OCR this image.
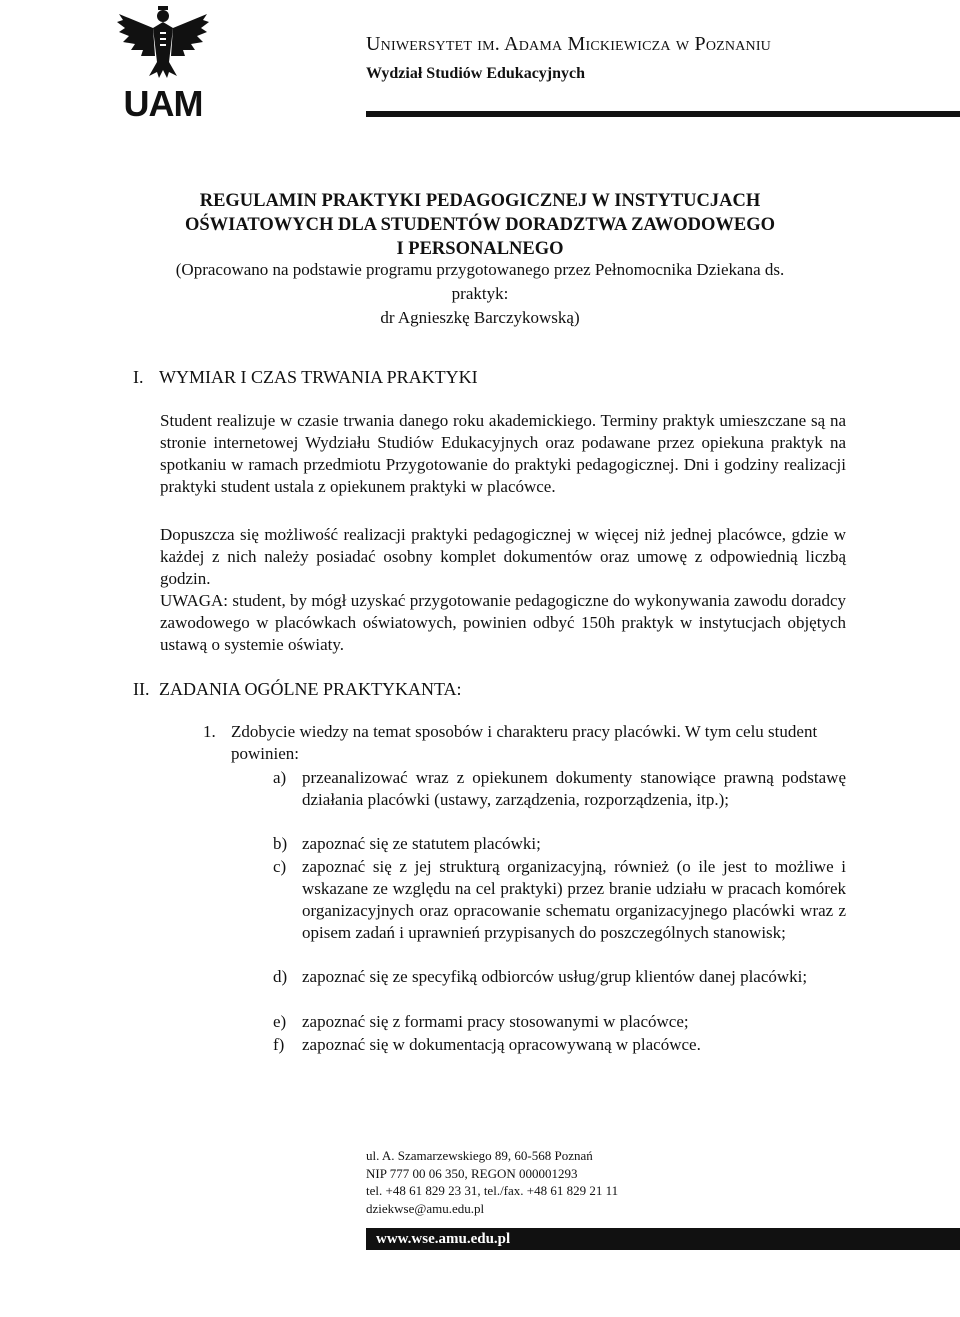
UAM
Uniwersytet im. Adama Mickiewicza w Poznaniu
Wydział Studiów Edukacyjnych
REGULAMIN PRAKTYKI PEDAGOGICZNEJ W INSTYTUCJACH
OŚWIATOWYCH DLA STUDENTÓW DORADZTWA ZAWODOWEGO
I PERSONALNEGO
(Opracowano na podstawie programu przygotowanego przez Pełnomocnika Dziekana ds.
praktyk:
dr Agnieszkę Barczykowską)
I. WYMIAR I CZAS TRWANIA PRAKTYKI
Student realizuje w czasie trwania danego roku akademickiego. Terminy praktyk umieszczane są na stronie internetowej Wydziału Studiów Edukacyjnych oraz podawane przez opiekuna praktyk na spotkaniu w ramach przedmiotu Przygotowanie do praktyki pedagogicznej. Dni i godziny realizacji praktyki student ustala z opiekunem praktyki w placówce.
Dopuszcza się możliwość realizacji praktyki pedagogicznej w więcej niż jednej placówce, gdzie w każdej z nich należy posiadać osobny komplet dokumentów oraz umowę z odpowiednią liczbą godzin.
UWAGA: student, by mógł uzyskać przygotowanie pedagogiczne do wykonywania zawodu doradcy zawodowego w placówkach oświatowych, powinien odbyć 150h praktyk w instytucjach objętych ustawą o systemie oświaty.
II. ZADANIA OGÓLNE PRAKTYKANTA:
1. Zdobycie wiedzy na temat sposobów i charakteru pracy placówki. W tym celu student powinien:
a) przeanalizować wraz z opiekunem dokumenty stanowiące prawną podstawę działania placówki (ustawy, zarządzenia, rozporządzenia, itp.);
b) zapoznać się ze statutem placówki;
c) zapoznać się z jej strukturą organizacyjną, również (o ile jest to możliwe i wskazane ze względu na cel praktyki) przez branie udziału w pracach komórek organizacyjnych oraz opracowanie schematu organizacyjnego placówki wraz z opisem zadań i uprawnień przypisanych do poszczególnych stanowisk;
d) zapoznać się ze specyfiką odbiorców usług/grup klientów danej placówki;
e) zapoznać się z formami pracy stosowanymi w placówce;
f) zapoznać się w dokumentacją opracowywaną w placówce.
ul. A. Szamarzewskiego 89, 60-568 Poznań
NIP 777 00 06 350, REGON 000001293
tel. +48 61 829 23 31, tel./fax. +48 61 829 21 11
dziekwse@amu.edu.pl
www.wse.amu.edu.pl
